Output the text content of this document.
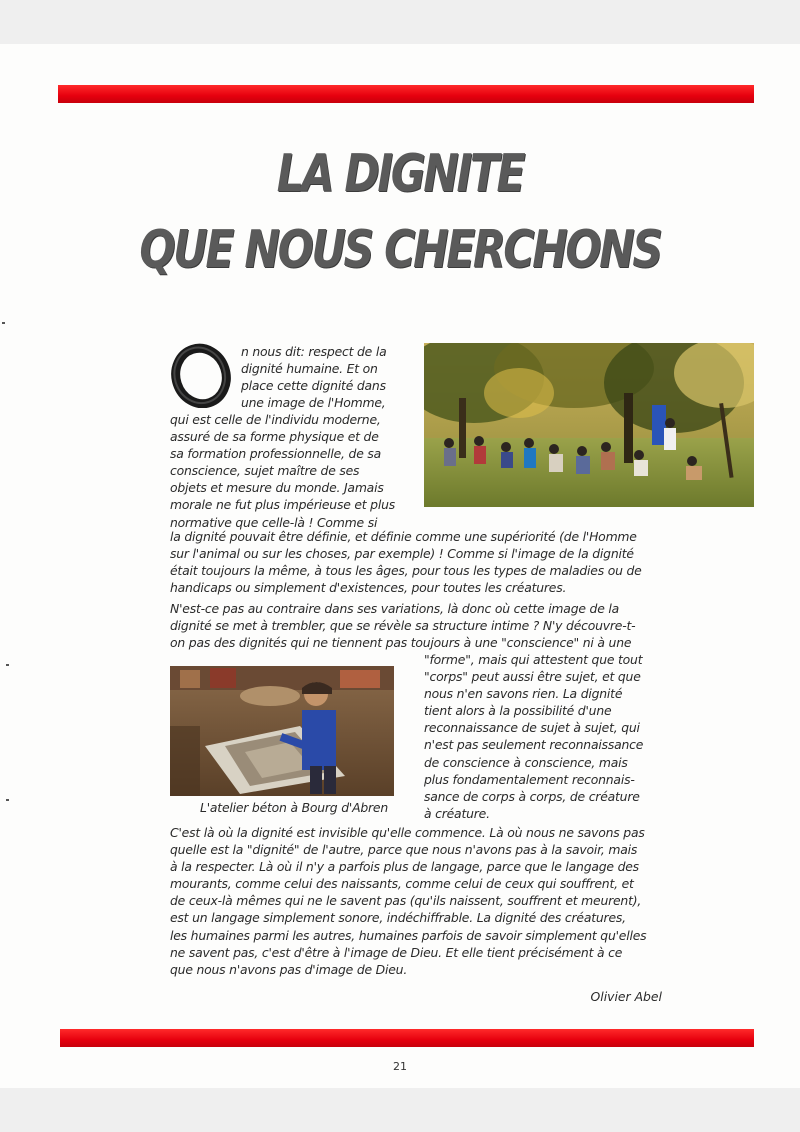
LA DIGNITE
QUE NOUS CHERCHONS

n nous dit: respect de la

dignité humaine. Et on

place cette dignité dans

une image de l'Homme,

qui est celle de l'individu moderne,

assuré de sa forme physique et de

sa formation professionnelle, de sa

conscience, sujet maître de ses

objets et mesure du monde. Jamais

morale ne fut plus impérieuse et plus

normative que celle-là ! Comme si

la dignité pouvait être définie, et définie comme une supériorité (de l'Homme

sur l'animal ou sur les choses, par exemple) ! Comme si l'image de la dignité

était toujours la même, à tous les âges, pour tous les types de maladies ou de

handicaps ou simplement d'existences, pour toutes les créatures.

N'est-ce pas au contraire dans ses variations, là donc où cette image de la

dignité se met à trembler, que se révèle sa structure intime ? N'y découvre-t-

on pas des dignités qui ne tiennent pas toujours à une "conscience" ni à une

"forme", mais qui attestent que tout

"corps" peut aussi être sujet, et que

nous n'en savons rien. La dignité

tient alors à la possibilité d'une

reconnaissance de sujet à sujet, qui

n'est pas seulement reconnaissance

de conscience à conscience, mais

plus fondamentalement reconnais-

sance de corps à corps, de créature

à créature.

L'atelier béton à Bourg d'Abren

C'est là où la dignité est invisible qu'elle commence. Là où nous ne savons pas

quelle est la "dignité" de l'autre, parce que nous n'avons pas à la savoir, mais

à la respecter. Là où il n'y a parfois plus de langage, parce que le langage des

mourants, comme celui des naissants, comme celui de ceux qui souffrent, et

de ceux-là mêmes qui ne le savent pas (qu'ils naissent, souffrent et meurent),

est un langage simplement sonore, indéchiffrable. La dignité des créatures,

les humaines parmi les autres, humaines parfois de savoir simplement qu'elles

ne savent pas, c'est d'être à l'image de Dieu. Et elle tient précisément à ce

que nous n'avons pas d'image de Dieu.

Olivier Abel
21
